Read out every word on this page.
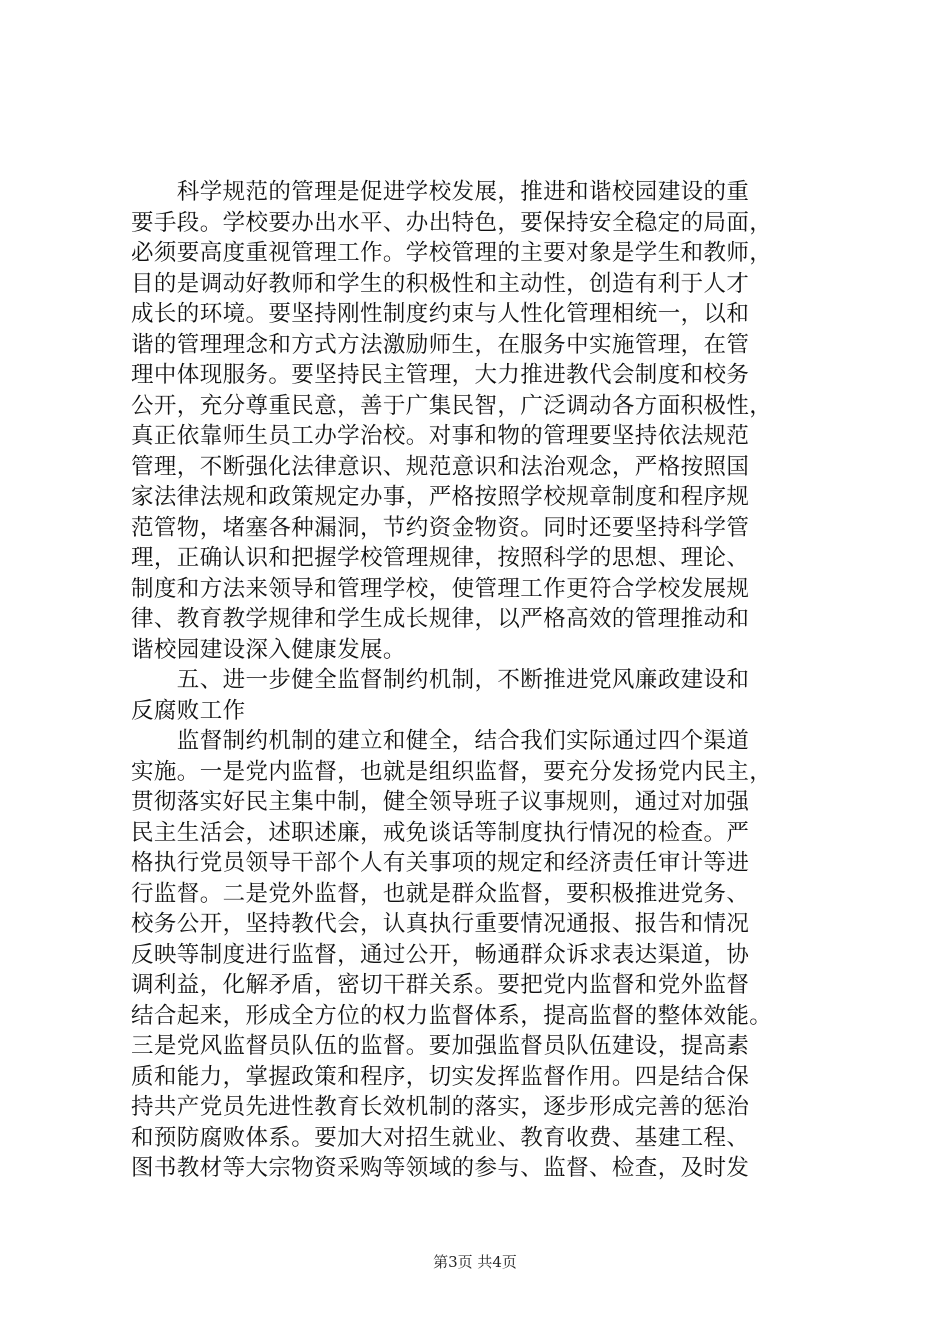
　　科学规范的管理是促进学校发展，推进和谐校园建设的重
要手段。学校要办出水平、办出特色，要保持安全稳定的局面，
必须要高度重视管理工作。学校管理的主要对象是学生和教师，
目的是调动好教师和学生的积极性和主动性，创造有利于人才
成长的环境。要坚持刚性制度约束与人性化管理相统一，以和
谐的管理理念和方式方法激励师生，在服务中实施管理，在管
理中体现服务。要坚持民主管理，大力推进教代会制度和校务
公开，充分尊重民意，善于广集民智，广泛调动各方面积极性，
真正依靠师生员工办学治校。对事和物的管理要坚持依法规范
管理，不断强化法律意识、规范意识和法治观念，严格按照国
家法律法规和政策规定办事，严格按照学校规章制度和程序规
范管物，堵塞各种漏洞，节约资金物资。同时还要坚持科学管
理，正确认识和把握学校管理规律，按照科学的思想、理论、
制度和方法来领导和管理学校，使管理工作更符合学校发展规
律、教育教学规律和学生成长规律，以严格高效的管理推动和
谐校园建设深入健康发展。
　　五、进一步健全监督制约机制，不断推进党风廉政建设和
反腐败工作
　　监督制约机制的建立和健全，结合我们实际通过四个渠道
实施。一是党内监督，也就是组织监督，要充分发扬党内民主，
贯彻落实好民主集中制，健全领导班子议事规则，通过对加强
民主生活会，述职述廉，戒免谈话等制度执行情况的检查。严
格执行党员领导干部个人有关事项的规定和经济责任审计等进
行监督。二是党外监督，也就是群众监督，要积极推进党务、
校务公开，坚持教代会，认真执行重要情况通报、报告和情况
反映等制度进行监督，通过公开，畅通群众诉求表达渠道，协
调利益，化解矛盾，密切干群关系。要把党内监督和党外监督
结合起来，形成全方位的权力监督体系，提高监督的整体效能。
三是党风监督员队伍的监督。要加强监督员队伍建设，提高素
质和能力，掌握政策和程序，切实发挥监督作用。四是结合保
持共产党员先进性教育长效机制的落实，逐步形成完善的惩治
和预防腐败体系。要加大对招生就业、教育收费、基建工程、
图书教材等大宗物资采购等领域的参与、监督、检查，及时发
第3页 共4页
